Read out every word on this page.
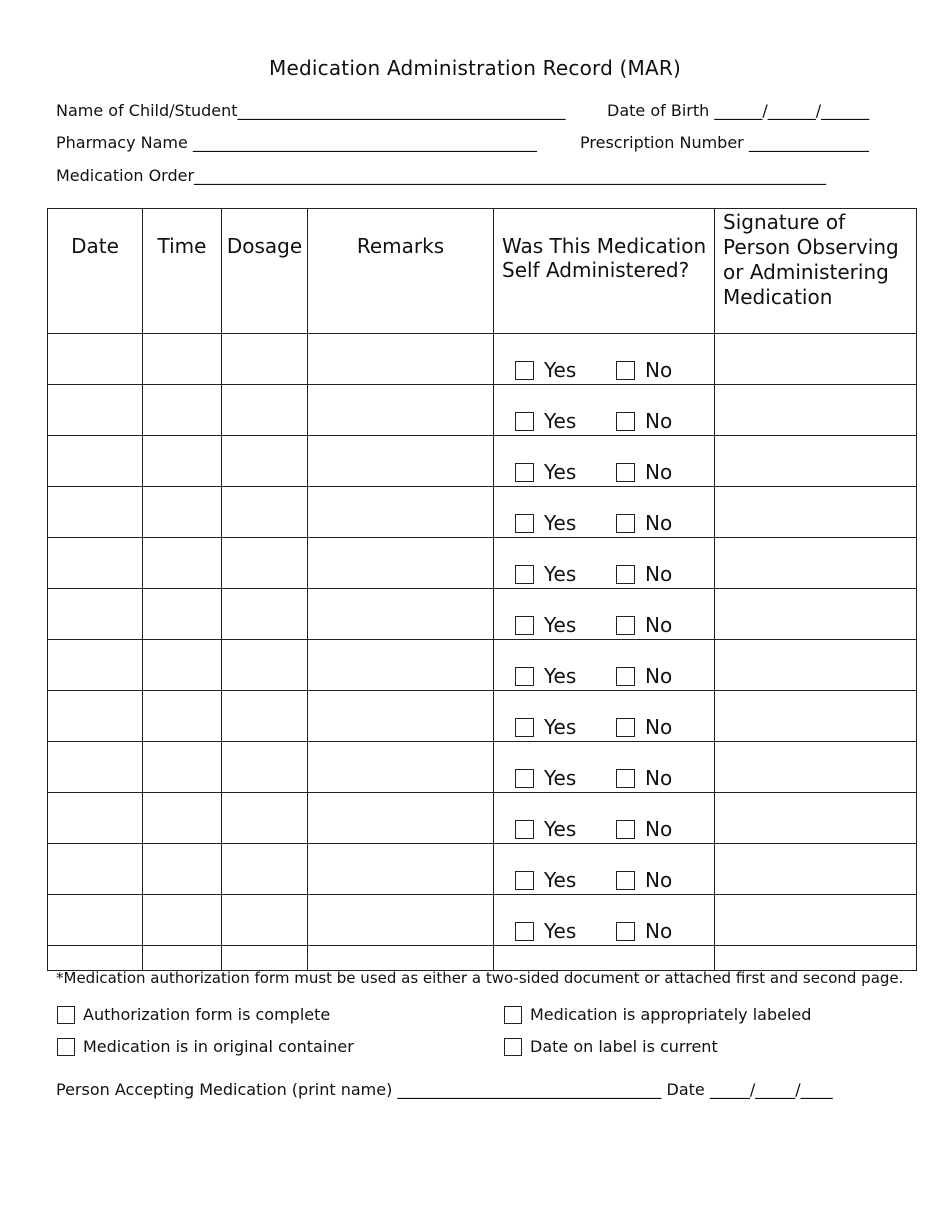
Medication Administration Record (MAR)
Name of Child/Student_________________________________________	Date of Birth ______/______/______
Pharmacy Name ___________________________________________	Prescription Number _______________
Medication Order_______________________________________________________________________________
Date	Time	Dosage	Remarks	Was This Medication Self Administered?	Signature of Person Observing or Administering Medication

				Yes No	

				Yes No	

				Yes No	

				Yes No	

				Yes No	

				Yes No	

				Yes No	

				Yes No	

				Yes No	

				Yes No	

				Yes No	

				Yes No	

*Medication authorization form must be used as either a two-sided document or attached first and second page.
Authorization form is complete	Medication is appropriately labeled
Medication is in original container	Date on label is current
Person Accepting Medication (print name) _________________________________ Date _____/_____/____
